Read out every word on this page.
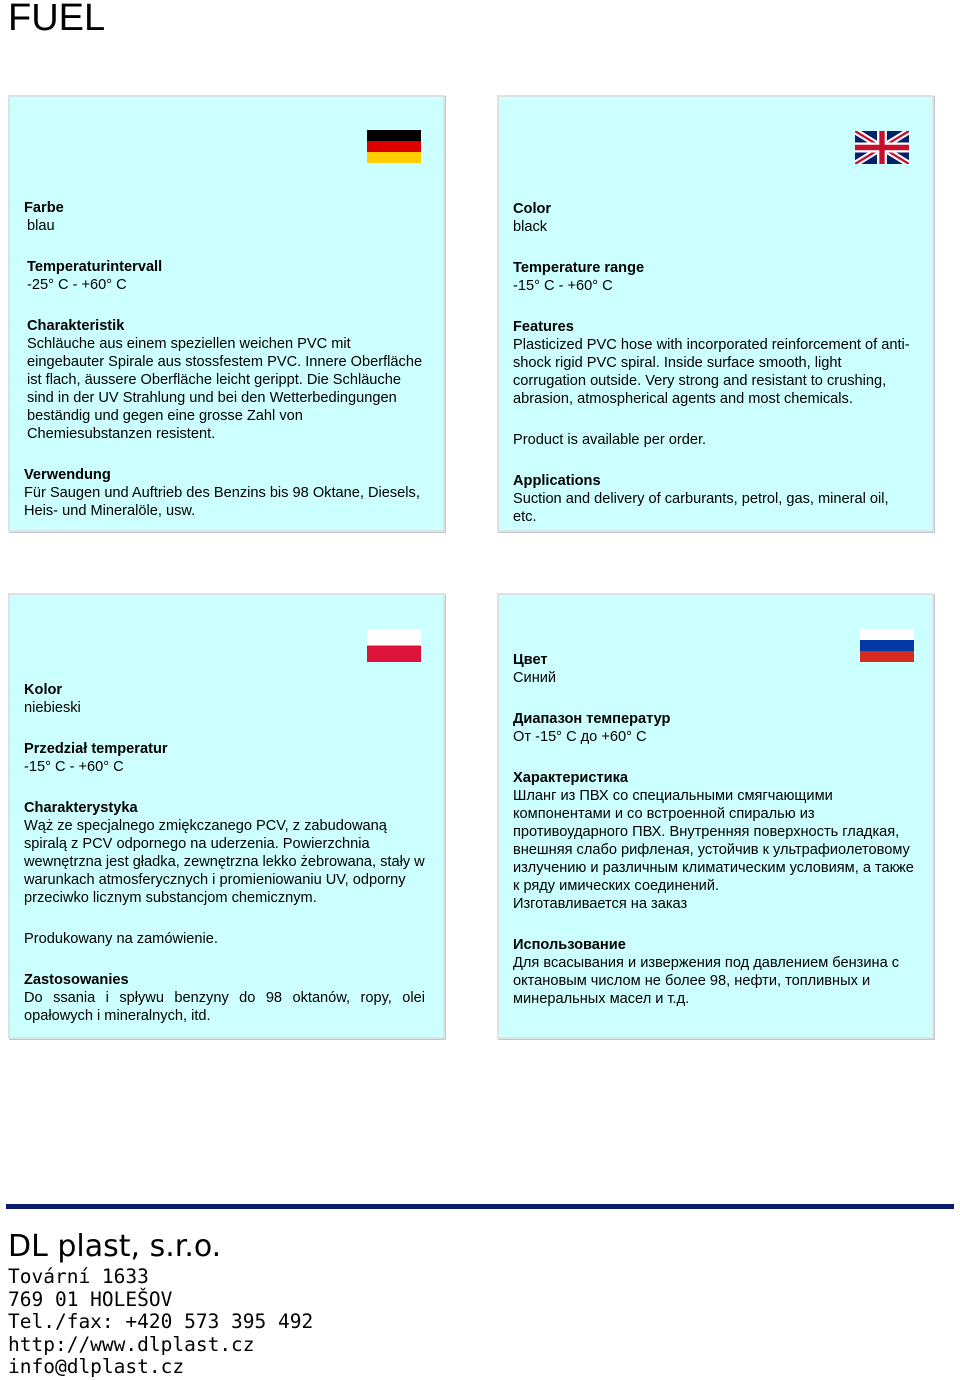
FUEL
Farbe
blau
Temperaturintervall
-25° C - +60° C
Charakteristik
Schläuche aus einem speziellen weichen PVC mit eingebauter Spirale aus stossfestem PVC. Innere Oberfläche ist flach, äussere Oberfläche leicht gerippt. Die Schläuche sind in der UV Strahlung und bei den Wetterbedingungen beständig und gegen eine grosse Zahl von Chemiesubstanzen resistent.
Verwendung
Für Saugen und Auftrieb des Benzins bis 98 Oktane, Diesels, Heis- und Mineralöle, usw.
Color
black
Temperature range
-15° C - +60° C
Features
Plasticized PVC hose with incorporated reinforcement of anti-shock rigid PVC spiral. Inside surface smooth, light corrugation outside. Very strong and resistant to crushing, abrasion, atmospherical agents and most chemicals.
Product is available per order.
Applications
Suction and delivery of carburants, petrol, gas, mineral oil, etc.
Kolor
niebieski
Przedział temperatur
-15° C - +60° C
Charakterystyka
Wąż ze specjalnego zmiękczanego PCV, z zabudowaną spiralą z PCV odpornego na uderzenia. Powierzchnia wewnętrzna jest gładka, zewnętrzna lekko żebrowana, stały w warunkach atmosferycznych i promieniowaniu UV, odporny przeciwko licznym substancjom chemicznym.
Produkowany na zamówienie.
Zastosowanies
Do ssania i spływu benzyny do 98 oktanów, ropy, olei opałowych i mineralnych, itd.
Цвет
Синий
Диапазон температур
От -15° С до +60° С
Характеристика
Шланг из ПВХ со специальными смягчающими компонентами и со встроенной спиралью из противоударного ПВХ. Внутренняя поверхность гладкая, внешняя слабо рифленая, устойчив к ультрафиолетовому излучению и различным климатическим условиям, а также к ряду имических соединений.
Изготавливается на заказ
Использование
Для всасывания и извержения под давлением бензина с октановым числом не более 98, нефти, топливных и минеральных масел и т.д.
DL plast, s.r.o.
Tovární 1633
769 01 HOLEŠOV
Tel./fax: +420 573 395 492
http://www.dlplast.cz
info@dlplast.cz
